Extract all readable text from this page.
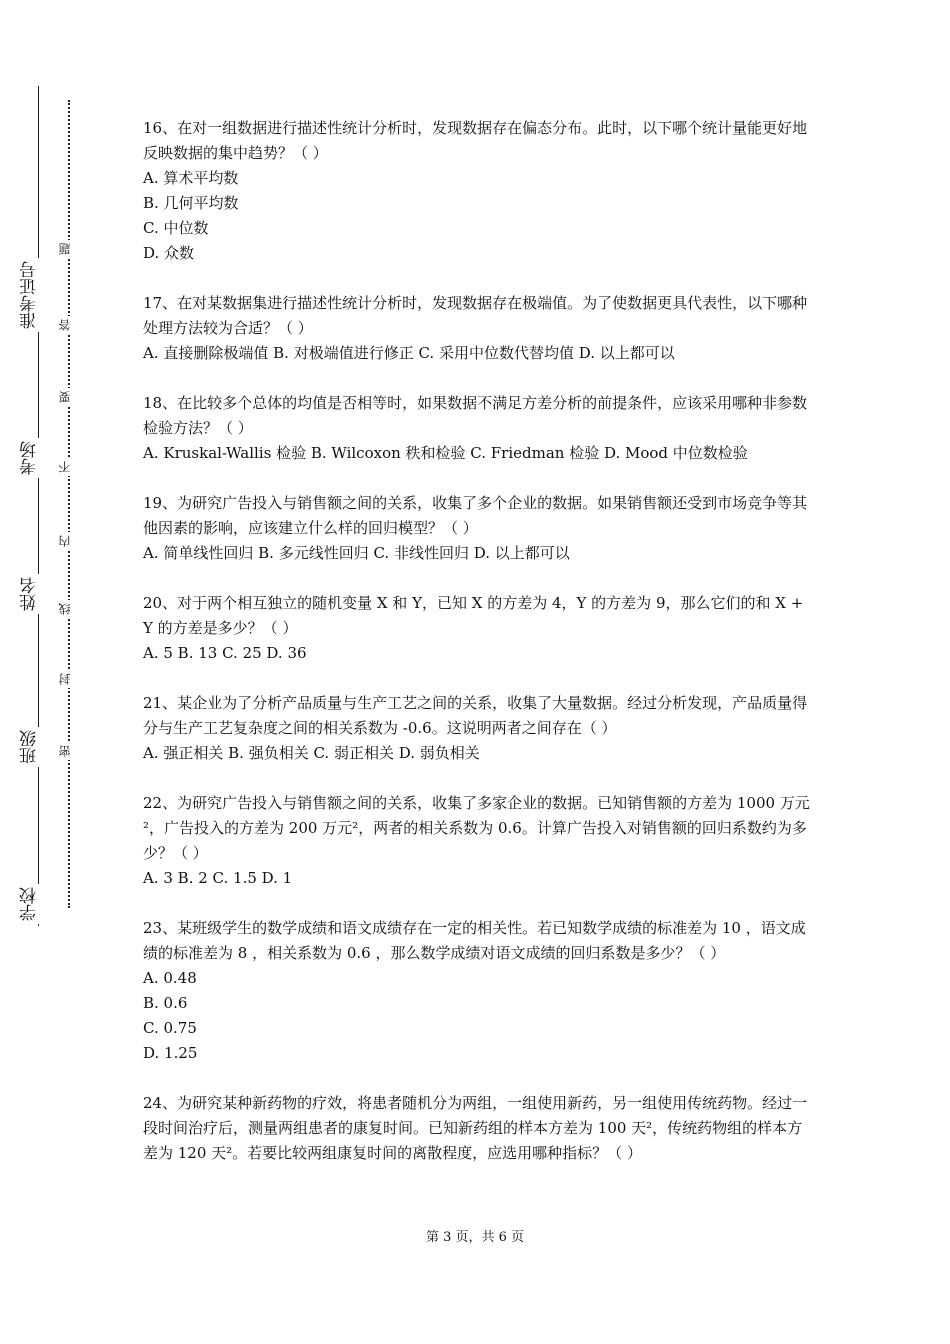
准考证号
考场
姓名
班级
学校
题
答
要
不
内
线
封
密
16、在对一组数据进行描述性统计分析时，发现数据存在偏态分布。此时，以下哪个统计量能更好地反映数据的集中趋势？（ ）
A. 算术平均数
B. 几何平均数
C. 中位数
D. 众数
17、在对某数据集进行描述性统计分析时，发现数据存在极端值。为了使数据更具代表性，以下哪种处理方法较为合适？（ ）
A. 直接删除极端值 B. 对极端值进行修正 C. 采用中位数代替均值 D. 以上都可以
18、在比较多个总体的均值是否相等时，如果数据不满足方差分析的前提条件，应该采用哪种非参数检验方法？（ ）
A. Kruskal-Wallis 检验 B. Wilcoxon 秩和检验 C. Friedman 检验 D. Mood 中位数检验
19、为研究广告投入与销售额之间的关系，收集了多个企业的数据。如果销售额还受到市场竞争等其他因素的影响，应该建立什么样的回归模型？（ ）
A. 简单线性回归 B. 多元线性回归 C. 非线性回归 D. 以上都可以
20、对于两个相互独立的随机变量 X 和 Y，已知 X 的方差为 4，Y 的方差为 9，那么它们的和 X + Y 的方差是多少？（ ）
A. 5 B. 13 C. 25 D. 36
21、某企业为了分析产品质量与生产工艺之间的关系，收集了大量数据。经过分析发现，产品质量得分与生产工艺复杂度之间的相关系数为 -0.6。这说明两者之间存在（ ）
A. 强正相关 B. 强负相关 C. 弱正相关 D. 弱负相关
22、为研究广告投入与销售额之间的关系，收集了多家企业的数据。已知销售额的方差为 1000 万元²，广告投入的方差为 200 万元²，两者的相关系数为 0.6。计算广告投入对销售额的回归系数约为多少？（ ）
A. 3 B. 2 C. 1.5 D. 1
23、某班级学生的数学成绩和语文成绩存在一定的相关性。若已知数学成绩的标准差为 10 ，语文成绩的标准差为 8 ，相关系数为 0.6 ，那么数学成绩对语文成绩的回归系数是多少？（ ）
A. 0.48
B. 0.6
C. 0.75
D. 1.25
24、为研究某种新药物的疗效，将患者随机分为两组，一组使用新药，另一组使用传统药物。经过一段时间治疗后，测量两组患者的康复时间。已知新药组的样本方差为 100 天²，传统药物组的样本方差为 120 天²。若要比较两组康复时间的离散程度，应选用哪种指标？（ ）
第 3 页，共 6 页
